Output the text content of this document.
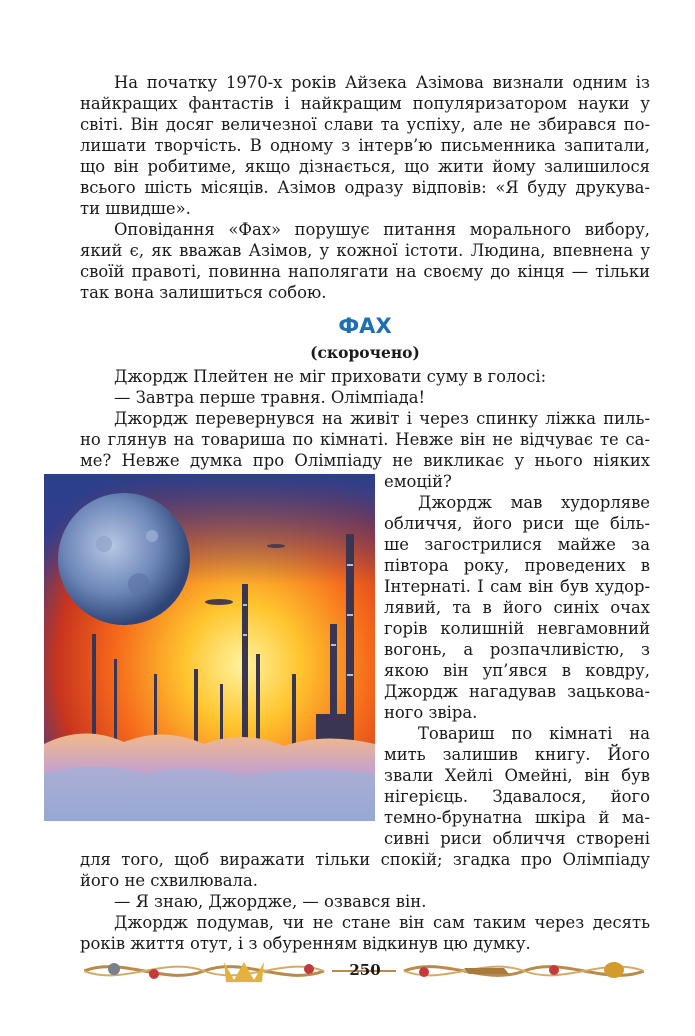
На початку 1970-х років Айзека Азімова визнали одним із
найкращих фантастів і найкращим популяризатором науки у
світі. Він досяг величезної слави та успіху, але не збирався по-
лишати творчість. В одному з інтерв’ю письменника запитали,
що він робитиме, якщо дізнається, що жити йому залишилося
всього шість місяців. Азімов одразу відповів: «Я буду друкува-
ти швидше».
Оповідання «Фах» порушує питання морального вибору,
який є, як вважав Азімов, у кожної істоти. Людина, впевнена у
своїй правоті, повинна наполягати на своєму до кінця — тільки
так вона залишиться собою.
ФАХ
(скорочено)
Джордж Плейтен не міг приховати суму в голосі:
— Завтра перше травня. Олімпіада!
Джордж перевернувся на живіт і через спинку ліжка пиль-
но глянув на товариша по кімнаті. Невже він не відчуває те са-
ме? Невже думка про Олімпіаду не викликає у нього ніяких
емоцій?
Джордж мав худорляве
обличчя, його риси ще біль-
ше загострилися майже за
півтора року, проведених в
Інтернаті. І сам він був худор-
лявий, та в його синіх очах
горів колишній невгамовний
вогонь, а розпачливістю, з
якою він уп’явся в ковдру,
Джордж нагадував зацькова-
ного звіра.
Товариш по кімнаті на
мить залишив книгу. Його
звали Хейлі Омейні, він був
нігерієць. Здавалося, його
темно-брунатна шкіра й ма-
сивні риси обличчя створені
для того, щоб виражати тільки спокій; згадка про Олімпіаду
його не схвилювала.
— Я знаю, Джордже, — озвався він.
Джордж подумав, чи не стане він сам таким через десять
років життя отут, і з обуренням відкинув цю думку.
250
